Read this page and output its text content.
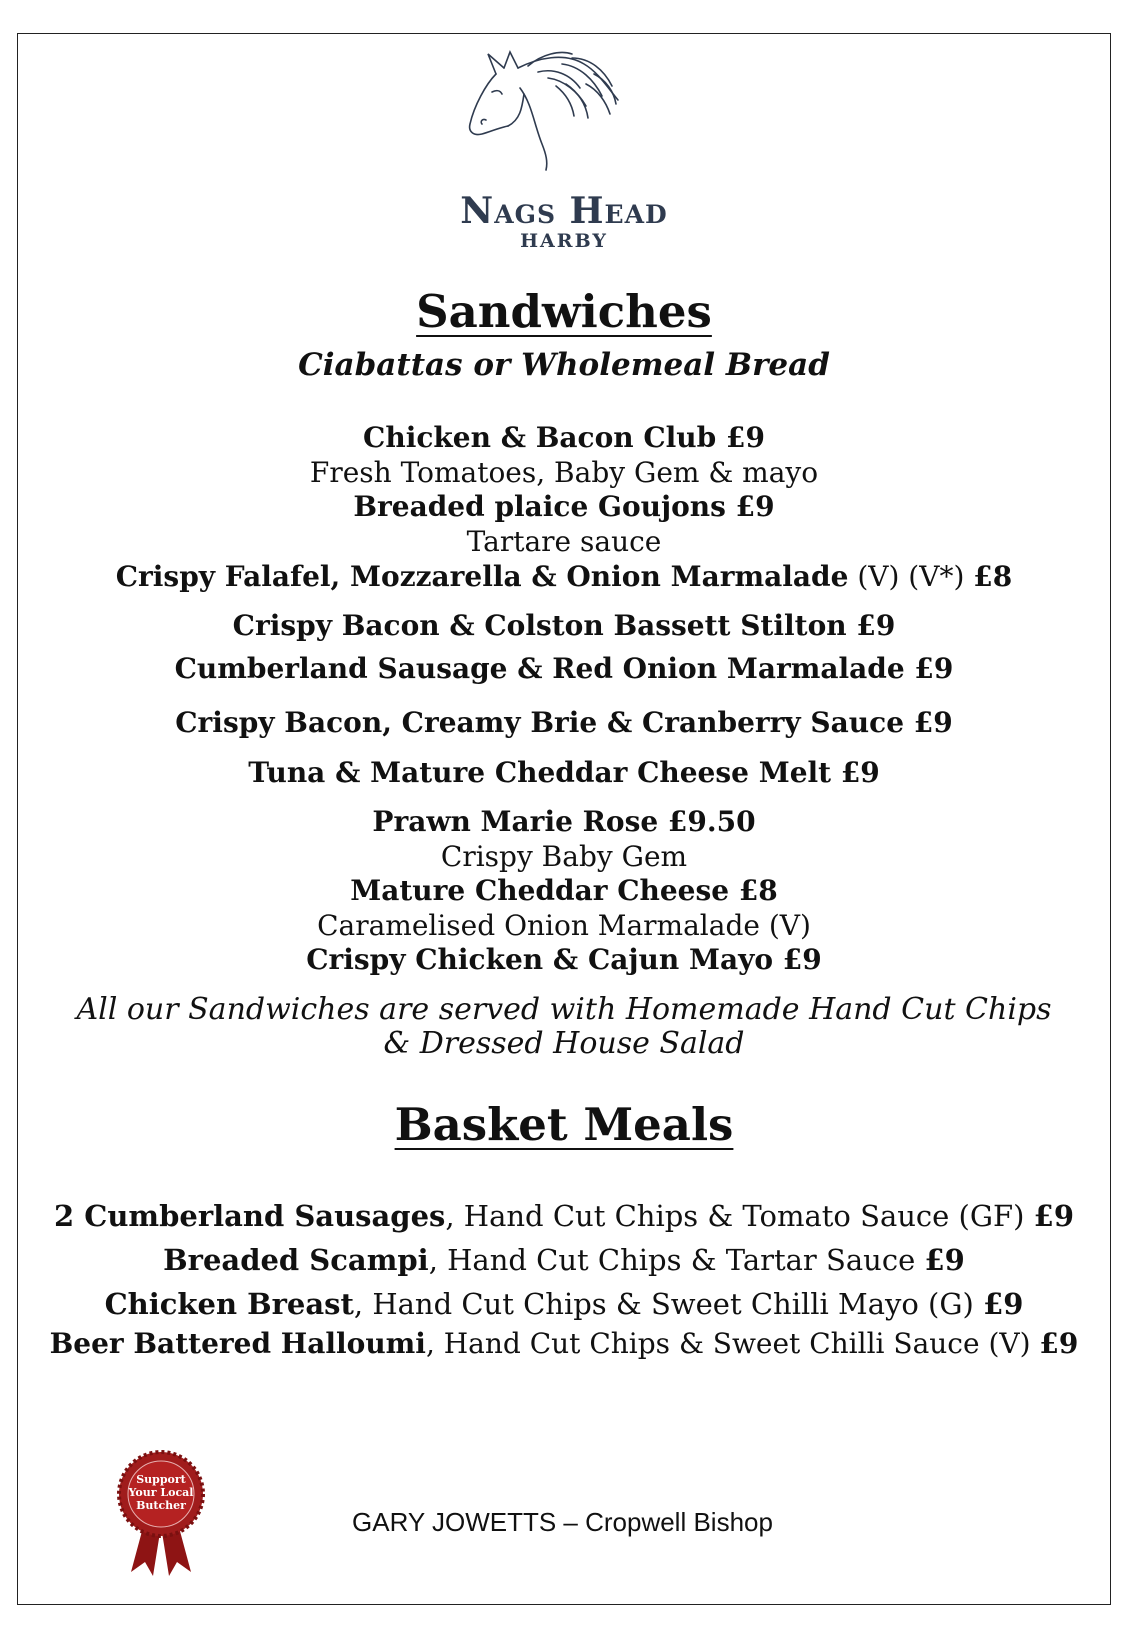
Nags Head
HARBY
Sandwiches
Ciabattas or Wholemeal Bread
Chicken & Bacon Club £9
Fresh Tomatoes, Baby Gem & mayo
Breaded plaice Goujons £9
Tartare sauce
Crispy Falafel, Mozzarella & Onion Marmalade (V) (V*) £8
Crispy Bacon & Colston Bassett Stilton £9
Cumberland Sausage & Red Onion Marmalade £9
Crispy Bacon, Creamy Brie & Cranberry Sauce £9
Tuna & Mature Cheddar Cheese Melt £9
Prawn Marie Rose £9.50
Crispy Baby Gem
Mature Cheddar Cheese £8
Caramelised Onion Marmalade (V)
Crispy Chicken & Cajun Mayo £9
All our Sandwiches are served with Homemade Hand Cut Chips
& Dressed House Salad
Basket Meals
2 Cumberland Sausages, Hand Cut Chips & Tomato Sauce (GF) £9
Breaded Scampi, Hand Cut Chips & Tartar Sauce £9
Chicken Breast, Hand Cut Chips & Sweet Chilli Mayo (G) £9
Beer Battered Halloumi, Hand Cut Chips & Sweet Chilli Sauce (V) £9
Support
Your Local
Butcher
GARY JOWETTS – Cropwell Bishop
